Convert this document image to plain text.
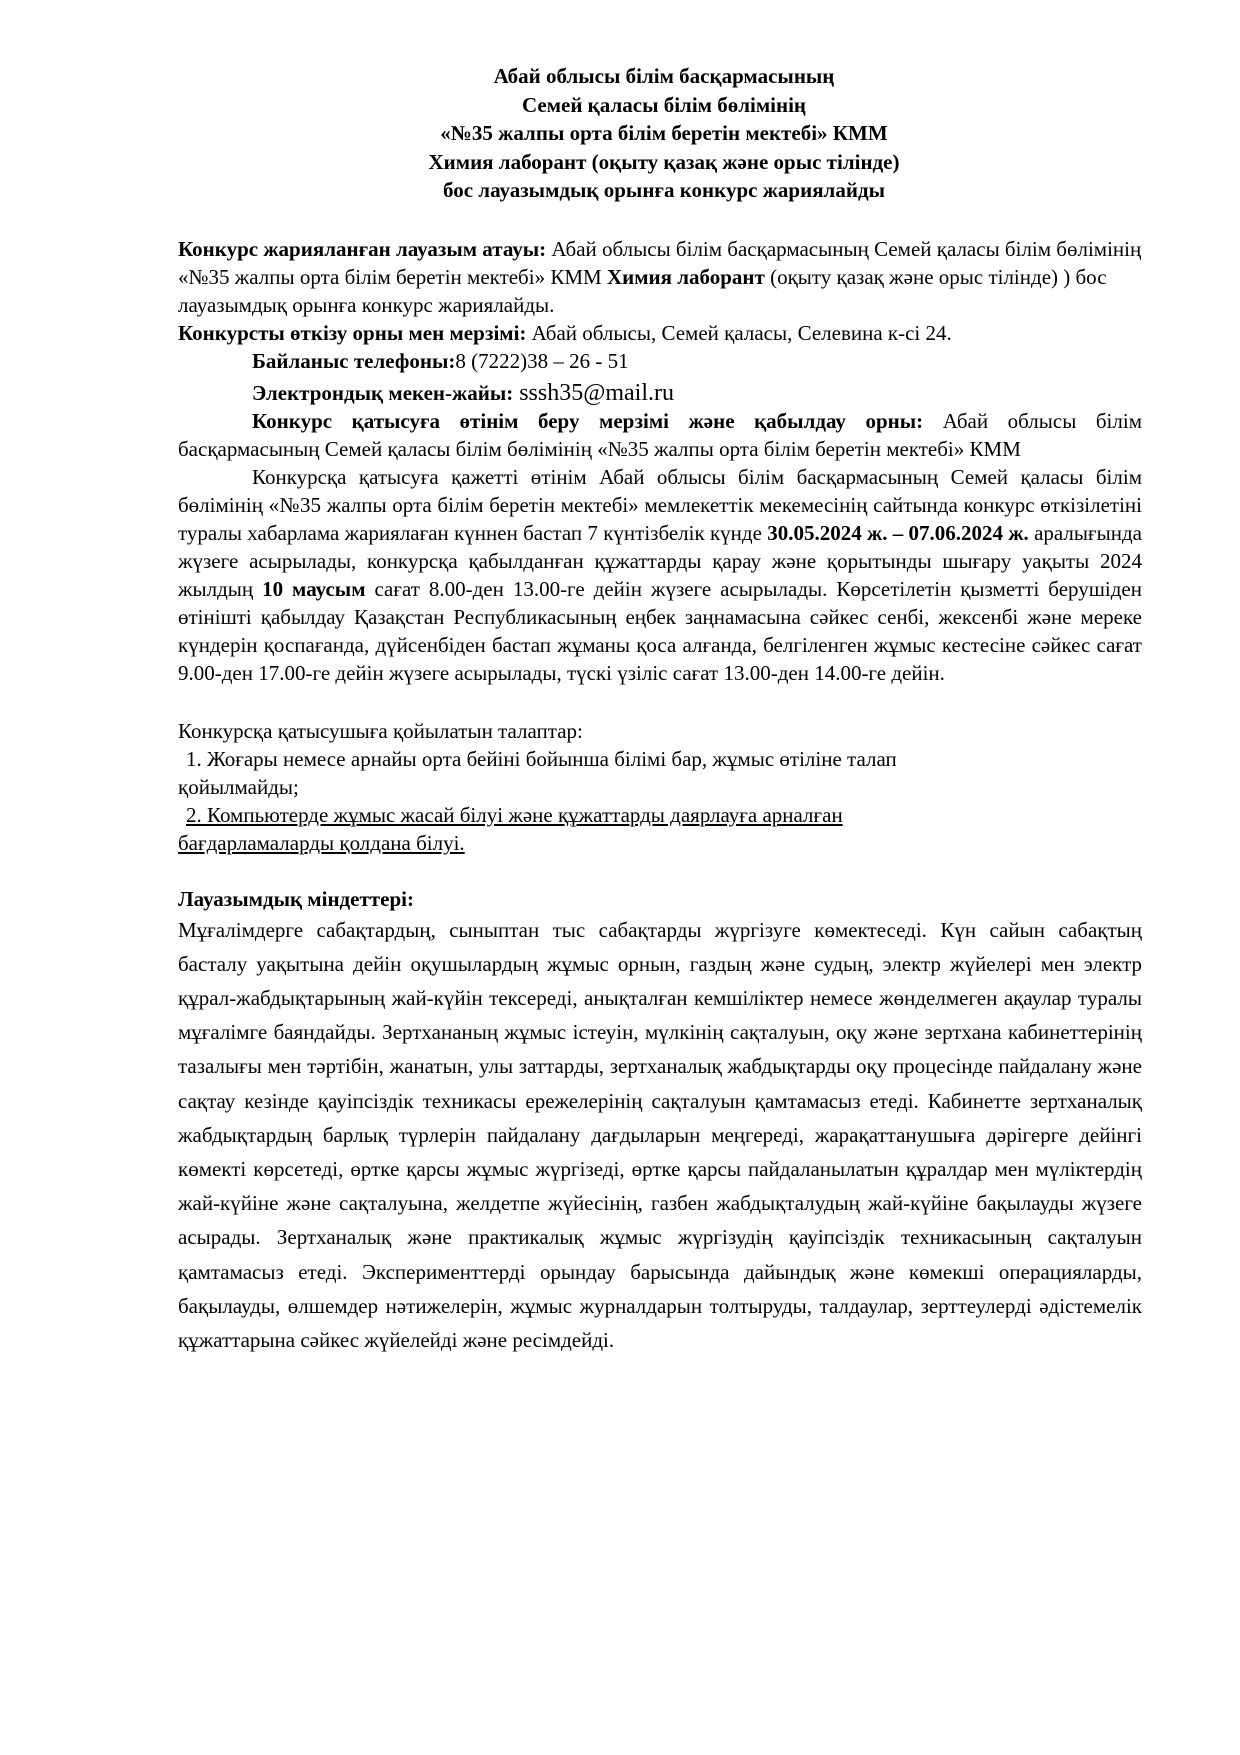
Абай облысы білім басқармасының
Семей қаласы білім бөлімінің
«№35 жалпы орта білім беретін мектебі» КММ
Химия лаборант (оқыту қазақ және орыс тілінде)
бос лауазымдық орынға конкурс жариялайды

Конкурс жарияланған лауазым атауы: Абай облысы білім басқармасының Семей қаласы білім бөлімінің «№35 жалпы орта білім беретін мектебі» КММ Химия лаборант (оқыту қазақ және орыс тілінде) ) бос лауазымдық орынға конкурс жариялайды.

Конкурсты өткізу орны мен мерзімі: Абай облысы, Семей қаласы, Селевина к-сі 24.

Байланыс телефоны:8 (7222)38 – 26 - 51

Электрондық мекен-жайы: sssh35@mail.ru

Конкурс қатысуға өтінім беру мерзімі және қабылдау орны: Абай облысы білім басқармасының Семей қаласы білім бөлімінің «№35 жалпы орта білім беретін мектебі» КММ

Конкурсқа қатысуға қажетті өтінім Абай облысы білім басқармасының Семей қаласы білім бөлімінің «№35 жалпы орта білім беретін мектебі» мемлекеттік мекемесінің сайтында конкурс өткізілетіні туралы хабарлама жариялаған күннен бастап 7 күнтізбелік күнде 30.05.2024 ж. – 07.06.2024 ж. аралығында жүзеге асырылады, конкурсқа қабылданған құжаттарды қарау және қорытынды шығару уақыты 2024 жылдың 10 маусым сағат 8.00-ден 13.00-ге дейін жүзеге асырылады. Көрсетілетін қызметті берушіден өтінішті қабылдау Қазақстан Республикасының еңбек заңнамасына сәйкес сенбі, жексенбі және мереке күндерін қоспағанда, дүйсенбіден бастап жұманы қоса алғанда, белгіленген жұмыс кестесіне сәйкес сағат 9.00-ден 17.00-ге дейін жүзеге асырылады, түскі үзіліс сағат 13.00-ден 14.00-ге дейін.

Конкурсқа қатысушыға қойылатын талаптар:

1. Жоғары немесе арнайы орта бейіні бойынша білімі бар, жұмыс өтіліне талап

қойылмайды;

2. Компьютерде жұмыс жасай білуі және құжаттарды даярлауға арналған

бағдарламаларды қолдана білуі.

Лауазымдық міндеттері:

Мұғалімдерге сабақтардың, сыныптан тыс сабақтарды жүргізуге көмектеседі. Күн сайын сабақтың басталу уақытына дейін оқушылардың жұмыс орнын, газдың және судың, электр жүйелері мен электр құрал-жабдықтарының жай-күйін тексереді, анықталған кемшіліктер немесе жөнделмеген ақаулар туралы мұғалімге баяндайды. Зертхананың жұмыс істеуін, мүлкінің сақталуын, оқу және зертхана кабинеттерінің тазалығы мен тәртібін, жанатын, улы заттарды, зертханалық жабдықтарды оқу процесінде пайдалану және сақтау кезінде қауіпсіздік техникасы ережелерінің сақталуын қамтамасыз етеді. Кабинетте зертханалық жабдықтардың барлық түрлерін пайдалану дағдыларын меңгереді, жарақаттанушыға дәрігерге дейінгі көмекті көрсетеді, өртке қарсы жұмыс жүргізеді, өртке қарсы пайдаланылатын құралдар мен мүліктердің жай-күйіне және сақталуына, желдетпе жүйесінің, газбен жабдықталудың жай-күйіне бақылауды жүзеге асырады. Зертханалық және практикалық жұмыс жүргізудің қауіпсіздік техникасының сақталуын қамтамасыз етеді. Эксперименттерді орындау барысында дайындық және көмекші операцияларды, бақылауды, өлшемдер нәтижелерін, жұмыс журналдарын толтыруды, талдаулар, зерттеулерді әдістемелік құжаттарына сәйкес жүйелейді және ресімдейді.
